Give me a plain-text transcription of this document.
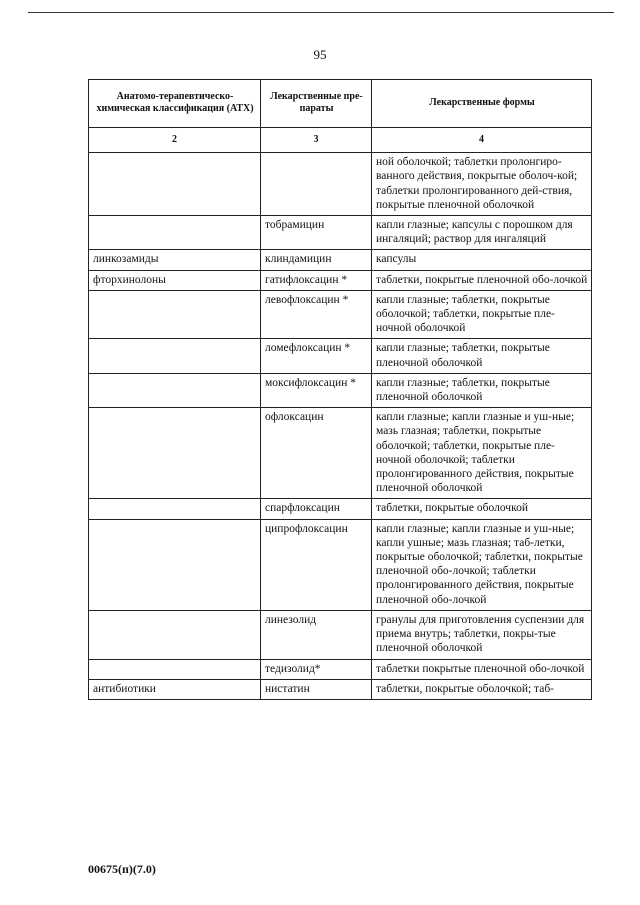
95
Анатомо-терапевтическо-химическая классификация (АТХ)	Лекарственные пре-параты	Лекарственные формы
2	3	4
		ной оболочкой; таблетки пролонгиро-ванного действия, покрытые оболоч-кой; таблетки пролонгированного дей-ствия, покрытые пленочной оболочкой
	тобрамицин	капли глазные; капсулы с порошком для ингаляций; раствор для ингаляций
линкозамиды	клиндамицин	капсулы
фторхинолоны	гатифлоксацин *	таблетки, покрытые пленочной обо-лочкой
	левофлоксацин *	капли глазные; таблетки, покрытые оболочкой; таблетки, покрытые пле-ночной оболочкой
	ломефлоксацин *	капли глазные; таблетки, покрытые пленочной оболочкой
	моксифлоксацин *	капли глазные; таблетки, покрытые пленочной оболочкой
	офлоксацин	капли глазные; капли глазные и уш-ные; мазь глазная; таблетки, покрытые оболочкой; таблетки, покрытые пле-ночной оболочкой; таблетки пролонгированного действия, покрытые пленочной оболочкой
	спарфлоксацин	таблетки, покрытые оболочкой
	ципрофлоксацин	капли глазные; капли глазные и уш-ные; капли ушные; мазь глазная; таб-летки, покрытые оболочкой; таблетки, покрытые пленочной обо-лочкой; таблетки пролонгированного действия, покрытые пленочной обо-лочкой
	линезолид	гранулы для приготовления суспензии для приема внутрь; таблетки, покры-тые пленочной оболочкой
	тедизолид*	таблетки покрытые пленочной обо-лочкой
антибиотики	нистатин	таблетки, покрытые оболочкой; таб-
00675(п)(7.0)
